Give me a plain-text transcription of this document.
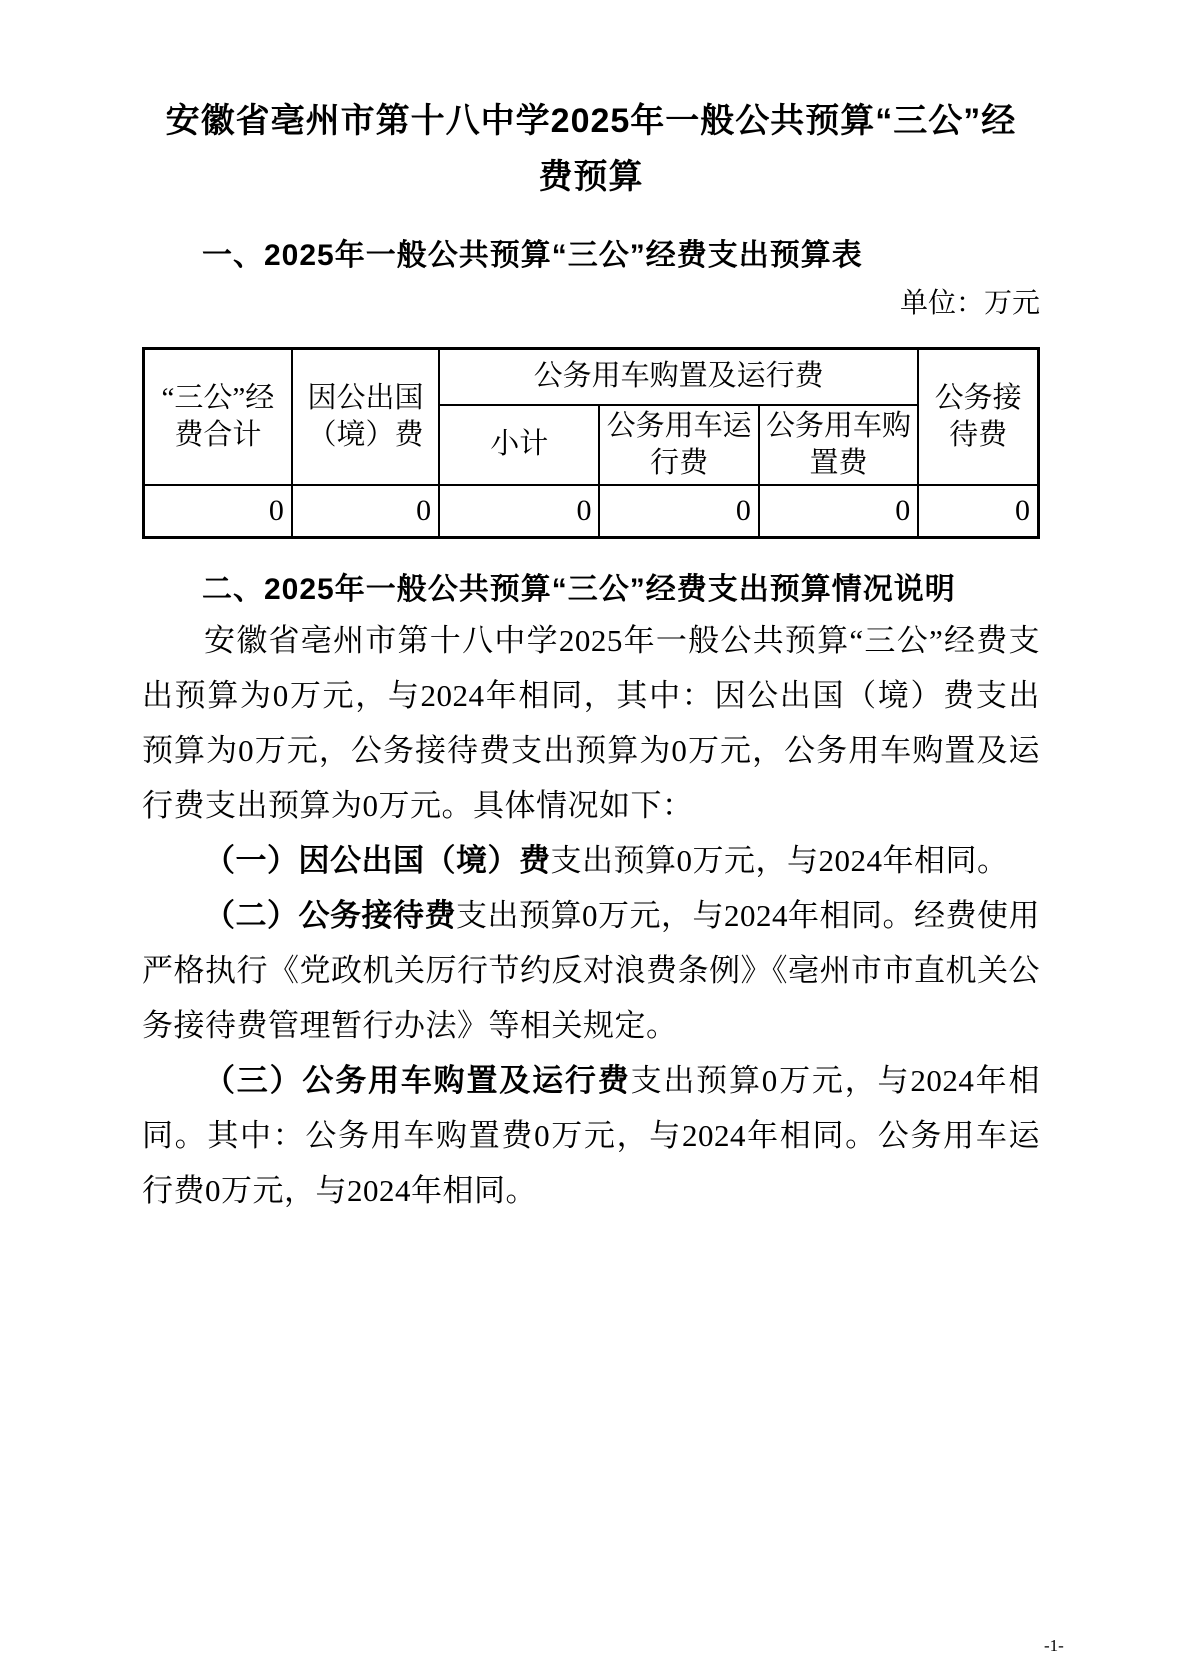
安徽省亳州市第十八中学2025年一般公共预算“三公”经费预算
一、2025年一般公共预算“三公”经费支出预算表
单位：万元
“三公”经费合计	因公出国（境）费	公务用车购置及运行费			公务接待费
		小计	公务用车运行费	公务用车购置费	
0	0	0	0	0	0
二、2025年一般公共预算“三公”经费支出预算情况说明

安徽省亳州市第十八中学2025年一般公共预算“三公”经费支出预算为0万元，与2024年相同，其中：因公出国（境）费支出预算为0万元，公务接待费支出预算为0万元，公务用车购置及运行费支出预算为0万元。具体情况如下：

（一）因公出国（境）费支出预算0万元，与2024年相同。

（二）公务接待费支出预算0万元，与2024年相同。经费使用严格执行《党政机关厉行节约反对浪费条例》《亳州市市直机关公务接待费管理暂行办法》等相关规定。

（三）公务用车购置及运行费支出预算0万元，与2024年相同。其中：公务用车购置费0万元，与2024年相同。公务用车运行费0万元，与2024年相同。

-1-
